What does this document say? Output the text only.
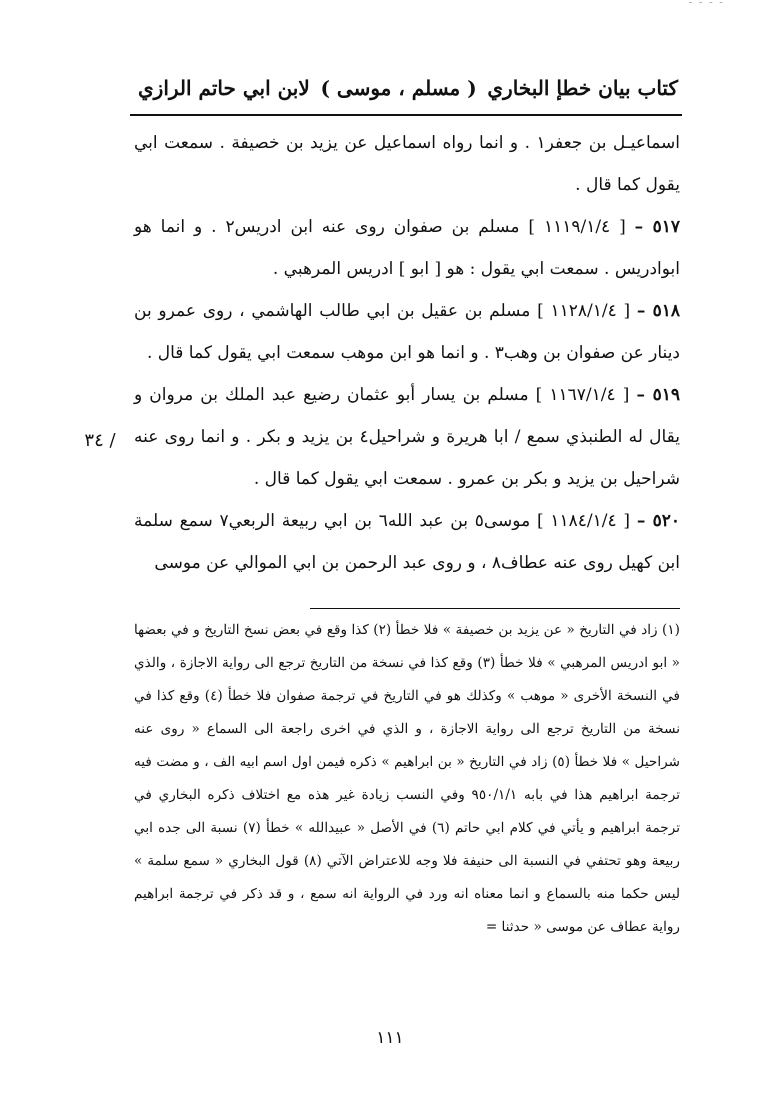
˘ ˘ ˘ ˘
كتاب بيان خطإ البخاري
( مسلم ، موسى )
لابن ابي حاتم الرازي

اسماعيـل بن جعفر١ . و انما رواه اسماعيل عن يزيد بن خصيفة . سمعت ابي يقول كما قال .

٥١٧ – [ ١١١٩/١/٤ ] مسلم بن صفوان روى عنه ابن ادريس٢ . و انما هو ابوادريس . سمعت ابي يقول : هو [ ابو ] ادريس المرهبي .

٥١٨ – [ ١١٢٨/١/٤ ] مسلم بن عقيل بن ابي طالب الهاشمي ، روى عمرو بن دينار عن صفوان بن وهب٣ . و انما هو ابن موهب سمعت ابي يقول كما قال .

٥١٩ – [ ١١٦٧/١/٤ ] مسلم بن يسار أبو عثمان رضيع عبد الملك بن مروان و يقال له الطنبذي سمع / ابا هريرة و شراحيل٤ بن يزيد و بكر . و انما روى عنه شراحيل بن يزيد و بكر بن عمرو . سمعت ابي يقول كما قال .

٥٢٠ – [ ١١٨٤/١/٤ ] موسى٥ بن عبد الله٦ بن ابي ربيعة الربعي٧ سمع سلمة ابن كهيل روى عنه عطاف٨ ، و روى عبد الرحمن بن ابي الموالي عن موسى

/ ٣٤

(١) زاد في التاريخ « عن يزيد بن خصيفة » فلا خطأ (٢) كذا وقع في بعض نسخ التاريخ و في بعضها « ابو ادريس المرهبي » فلا خطأ (٣) وقع كذا في نسخة من التاريخ ترجع الى رواية الاجازة ، والذي في النسخة الأخرى « موهب » وكذلك هو في التاريخ في ترجمة صفوان فلا خطأ (٤) وقع كذا في نسخة من التاريخ ترجع الى رواية الاجازة ، و الذي في اخرى راجعة الى السماع « روى عنه شراحيل » فلا خطأ (٥) زاد في التاريخ « بن ابراهيم » ذكره فيمن اول اسم ابيه الف ، و مضت فيه ترجمة ابراهيم هذا في بابه ٩٥٠/١/١ وفي النسب زيادة غير هذه مع اختلاف ذكره البخاري في ترجمة ابراهيم و يأتي في كلام ابي حاتم (٦) في الأصل « عبيدالله » خطأ (٧) نسبة الى جده ابي ربيعة وهو تحتفي في النسبة الى حنيفة فلا وجه للاعتراض الآتي (٨) قول البخاري « سمع سلمة » ليس حكما منه بالسماع و انما معناه انه ورد في الرواية انه سمع ، و قد ذكر في ترجمة ابراهيم رواية عطاف عن موسى « حدثنا =

١١١
